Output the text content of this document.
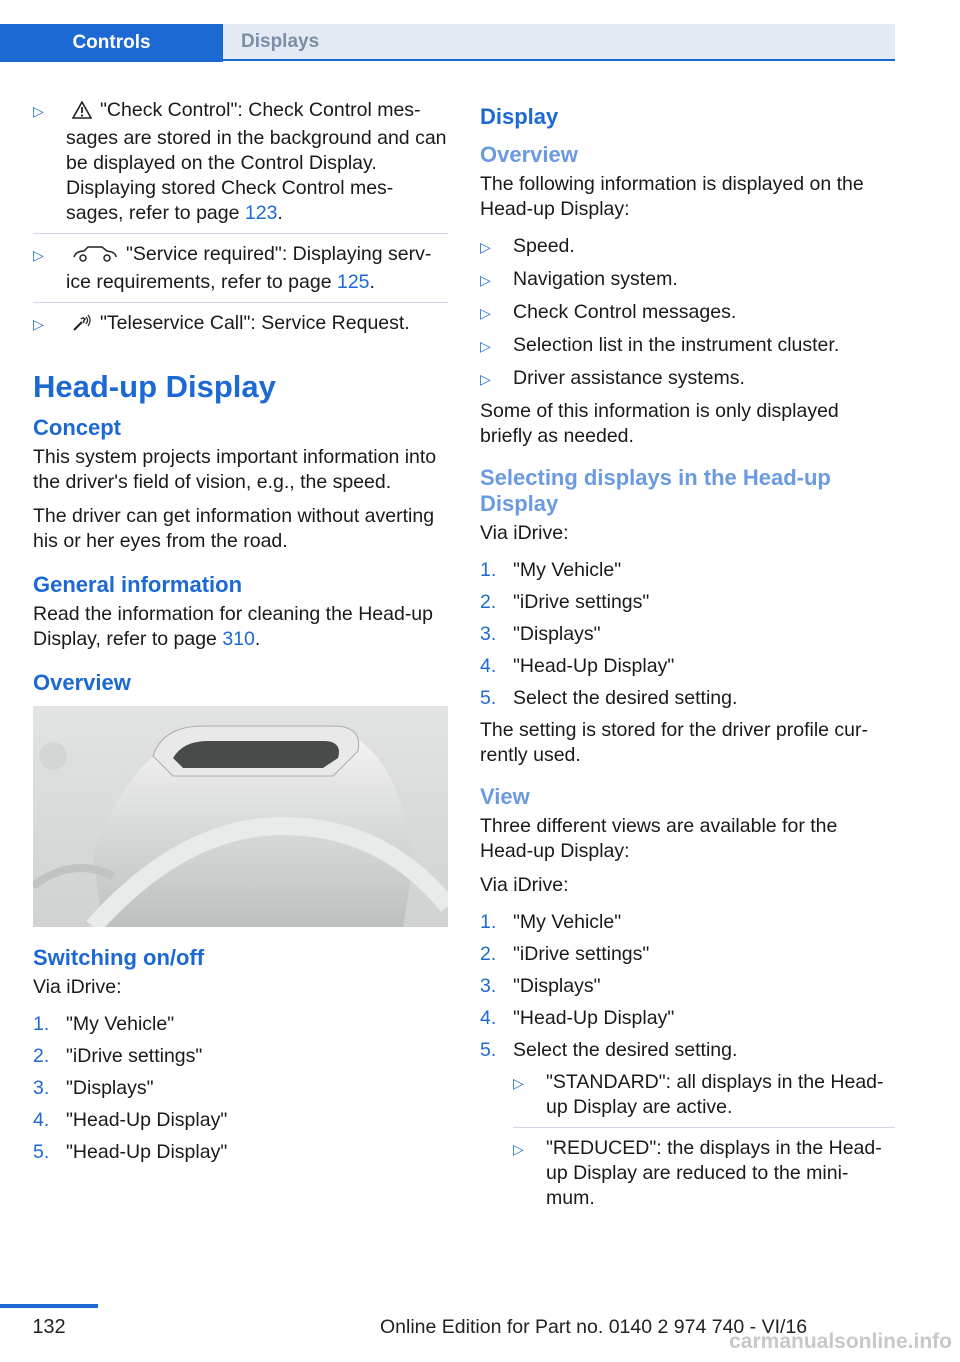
Controls	Displays
▷	"Check Control": Check Control mes-sages are stored in the background and can be displayed on the Control Display. Displaying stored Check Control mes-sages, refer to page 123.
▷	"Service required": Displaying serv-ice requirements, refer to page 125.
▷	"Teleservice Call": Service Request.
Head-up Display
Concept

This system projects important information into the driver's field of vision, e.g., the speed.

The driver can get information without averting his or her eyes from the road.

General information

Read the information for cleaning the Head-up Display, refer to page 310.

Overview
Switching on/off

Via iDrive:

1. "My Vehicle"
2. "iDrive settings"
3. "Displays"
4. "Head-Up Display"
5. "Head-Up Display"
Display
Overview

The following information is displayed on the Head-up Display:

▷	Speed.
▷	Navigation system.
▷	Check Control messages.
▷	Selection list in the instrument cluster.
▷	Driver assistance systems.

Some of this information is only displayed briefly as needed.

Selecting displays in the Head-up Display

Via iDrive:

1. "My Vehicle"
2. "iDrive settings"
3. "Displays"
4. "Head-Up Display"
5. Select the desired setting.

The setting is stored for the driver profile cur-rently used.

View

Three different views are available for the Head-up Display:

Via iDrive:

1. "My Vehicle"
2. "iDrive settings"
3. "Displays"
4. "Head-Up Display"
5. Select the desired setting.
▷	"STANDARD": all displays in the Head-up Display are active.
▷	"REDUCED": the displays in the Head-up Display are reduced to the mini-mum.
132	Online Edition for Part no. 0140 2 974 740 - VI/16
carmanualsonline.info
